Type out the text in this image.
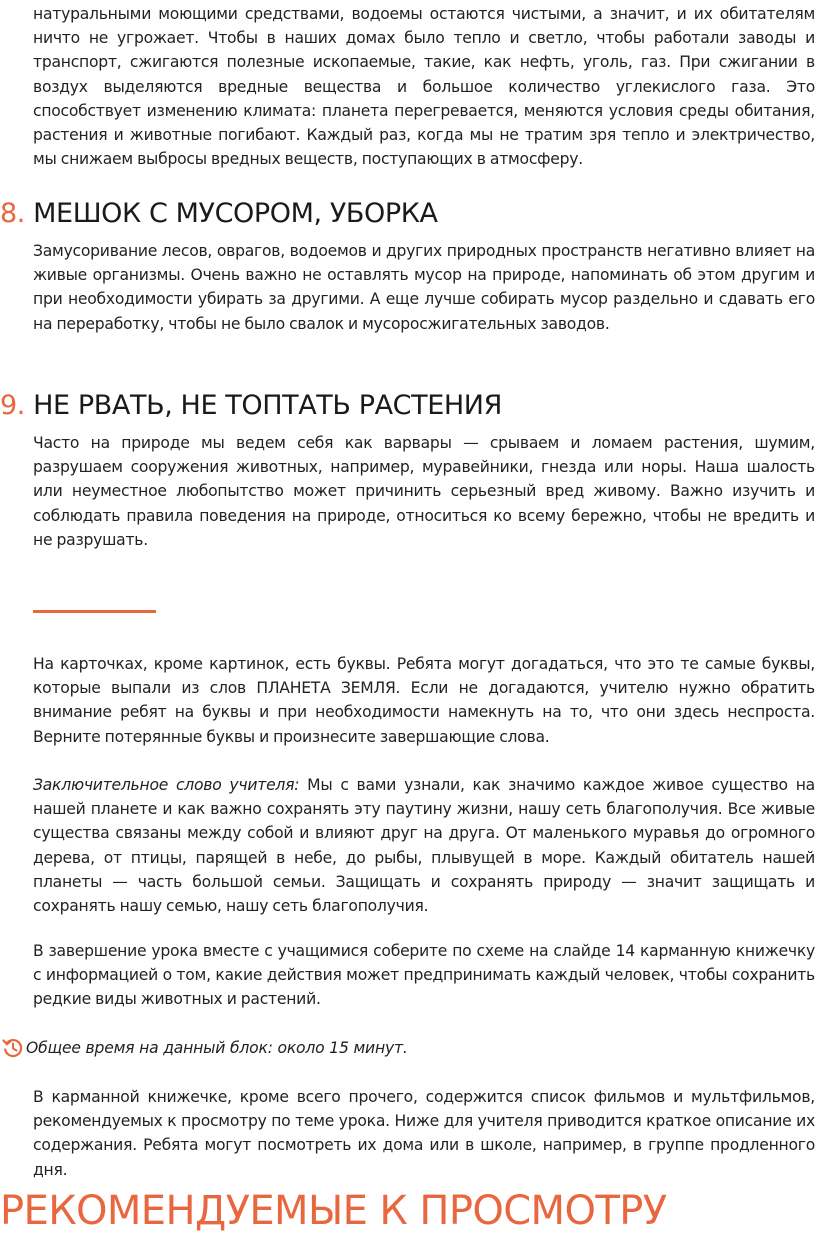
натуральными моющими средствами, водоемы остаются чистыми, а значит, и их обитателям ничто не угрожает. Чтобы в наших домах было тепло и светло, чтобы работали заводы и транспорт, сжигаются полезные ископаемые, такие, как нефть, уголь, газ. При сжигании в воздух выделяются вредные вещества и большое количество углекислого газа. Это способствует изменению климата: планета перегревается, меняются условия среды обитания, растения и животные погибают. Каждый раз, когда мы не тратим зря тепло и электричество, мы снижаем выбросы вредных веществ, поступающих в атмосферу.

8. МЕШОК С МУСОРОМ, УБОРКА

Замусоривание лесов, оврагов, водоемов и других природных пространств негативно влияет на живые организмы. Очень важно не оставлять мусор на природе, напоминать об этом другим и при необходимости убирать за другими. А еще лучше собирать мусор раздельно и сдавать его на переработку, чтобы не было свалок и мусоросжигательных заводов.

9. НЕ РВАТЬ, НЕ ТОПТАТЬ РАСТЕНИЯ

Часто на природе мы ведем себя как варвары — срываем и ломаем растения, шумим, разрушаем сооружения животных, например, муравейники, гнезда или норы. Наша шалость или неуместное любопытство может причинить серьезный вред живому. Важно изучить и соблюдать правила поведения на природе, относиться ко всему бережно, чтобы не вредить и не разрушать.

На карточках, кроме картинок, есть буквы. Ребята могут догадаться, что это те самые буквы, которые выпали из слов ПЛАНЕТА ЗЕМЛЯ. Если не догадаются, учителю нужно обратить внимание ребят на буквы и при необходимости намекнуть на то, что они здесь неспроста. Верните потерянные буквы и произнесите завершающие слова.

Заключительное слово учителя: Мы с вами узнали, как значимо каждое живое существо на нашей планете и как важно сохранять эту паутину жизни, нашу сеть благополучия. Все живые существа связаны между собой и влияют друг на друга. От маленького муравья до огромного дерева, от птицы, парящей в небе, до рыбы, плывущей в море. Каждый обитатель нашей планеты — часть большой семьи. Защищать и сохранять природу — значит защищать и сохранять нашу семью, нашу сеть благополучия.

В завершение урока вместе с учащимися соберите по схеме на слайде 14 карманную книжечку с информацией о том, какие действия может предпринимать каждый человек, чтобы сохранить редкие виды животных и растений.

В карманной книжечке, кроме всего прочего, содержится список фильмов и мультфильмов, рекомендуемых к просмотру по теме урока. Ниже для учителя приводится краткое описание их содержания. Ребята могут посмотреть их дома или в школе, например, в группе продленного дня.

Общее время на данный блок: около 15 минут.
РЕКОМЕНДУЕМЫЕ К ПРОСМОТРУ
